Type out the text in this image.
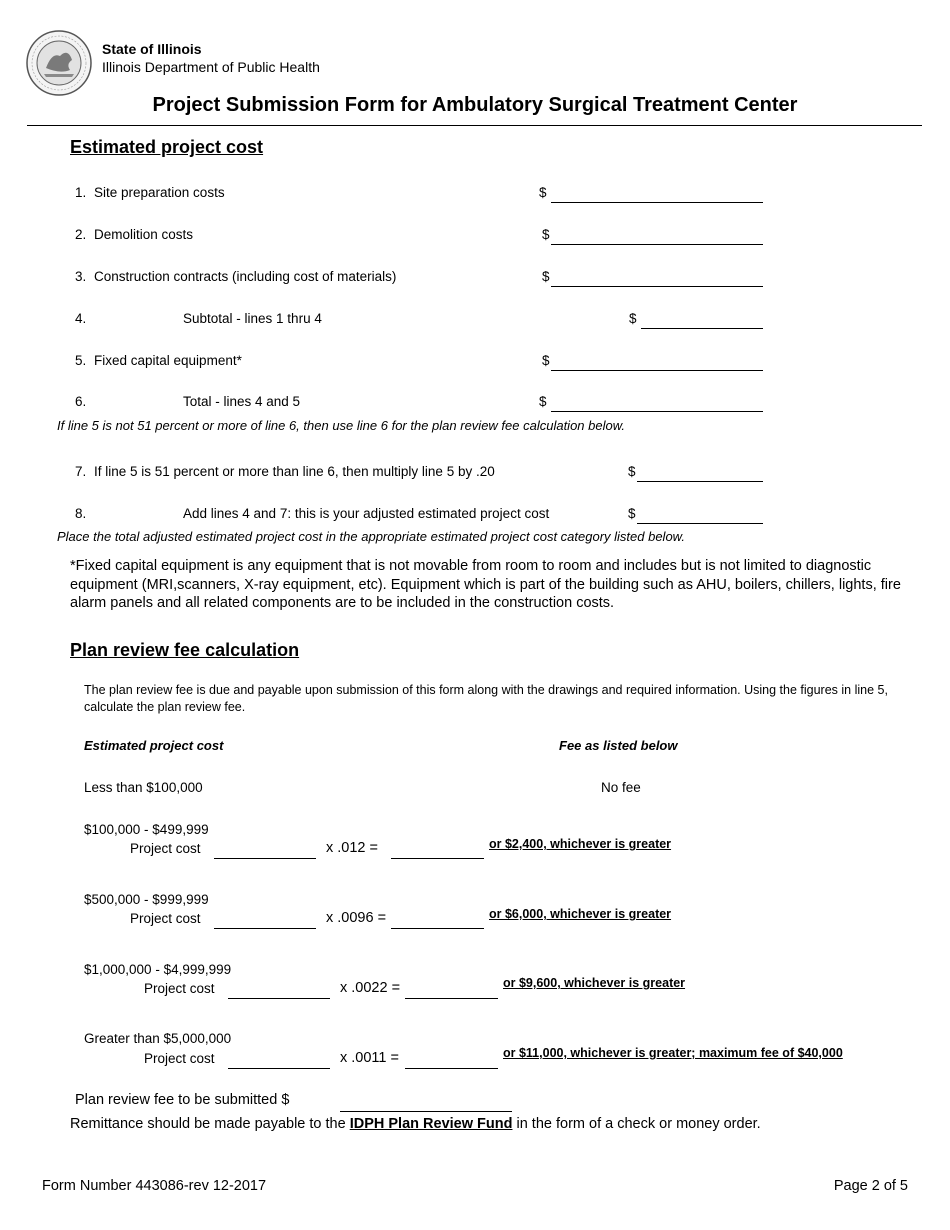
State of Illinois
Illinois Department of Public Health
Project Submission Form for Ambulatory Surgical Treatment Center
Estimated project cost
1. Site preparation costs	$
2. Demolition costs	$
3. Construction contracts (including cost of materials)	$
4.	Subtotal - lines 1 thru 4	$
5. Fixed capital equipment*	$
6.	Total - lines 4 and 5	$
If line 5 is not 51 percent or more of line 6, then use line 6 for the plan review fee calculation below.
7. If line 5 is 51 percent or more than line 6, then multiply line 5 by .20	$
8.	Add lines 4 and 7: this is your adjusted estimated project cost	$
Place the total adjusted estimated project cost in the appropriate estimated project cost category listed below.
*Fixed capital equipment is any equipment that is not movable from room to room and includes but is not limited to diagnostic equipment (MRI,scanners, X-ray equipment, etc). Equipment which is part of the building such as AHU, boilers, chillers, lights, fire alarm panels and all related components are to be included in the construction costs.
Plan review fee calculation
The plan review fee is due and payable upon submission of this form along with the drawings and required information. Using the figures in line 5, calculate the plan review fee.
Estimated project cost	Fee as listed below
Less than $100,000	No fee
$100,000 - $499,999
Project cost	x .012 =	or $2,400, whichever is greater
$500,000 - $999,999
Project cost	x .0096 =	or $6,000, whichever is greater
$1,000,000 - $4,999,999
Project cost	x .0022 =	or $9,600, whichever is greater
Greater than $5,000,000
Project cost	x .0011 =	or $11,000, whichever is greater; maximum fee of $40,000
Plan review fee to be submitted $
Remittance should be made payable to the IDPH Plan Review Fund in the form of a check or money order.
Form Number 443086-rev 12-2017	Page 2 of 5
